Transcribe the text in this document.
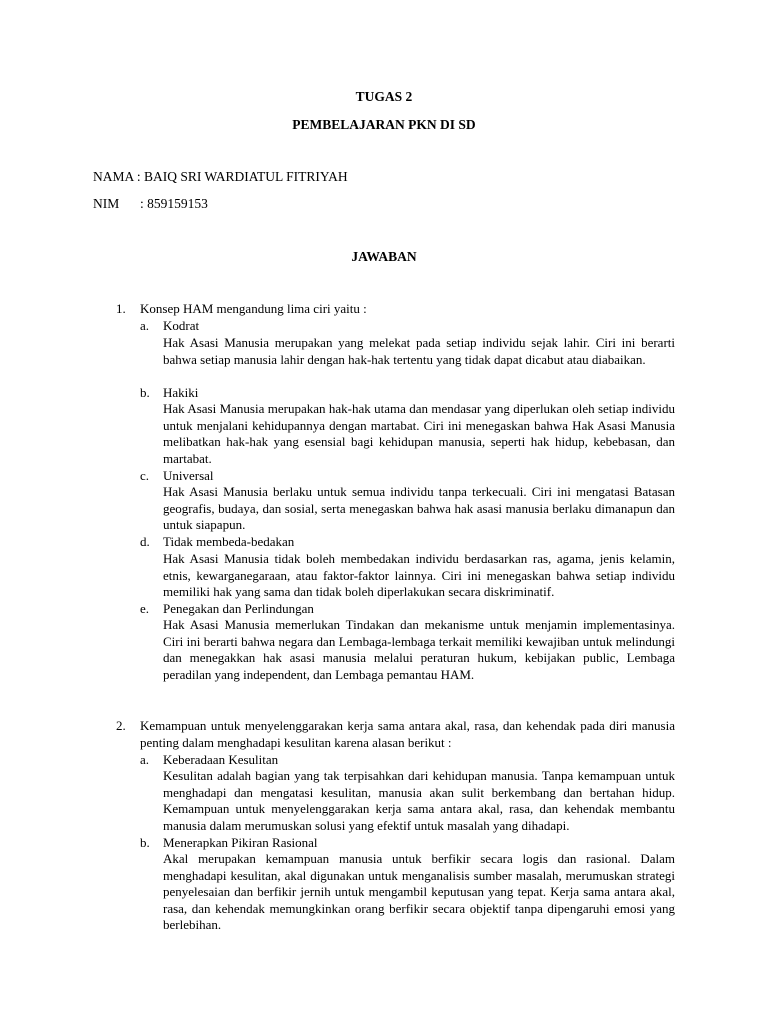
TUGAS 2
PEMBELAJARAN PKN DI SD
NAMA : BAIQ SRI WARDIATUL FITRIYAH
NIM : 859159153
JAWABAN
1. Konsep HAM mengandung lima ciri yaitu :
a. Kodrat
Hak Asasi Manusia merupakan yang melekat pada setiap individu sejak lahir. Ciri ini berarti bahwa setiap manusia lahir dengan hak-hak tertentu yang tidak dapat dicabut atau diabaikan.
b. Hakiki
Hak Asasi Manusia merupakan hak-hak utama dan mendasar yang diperlukan oleh setiap individu untuk menjalani kehidupannya dengan martabat. Ciri ini menegaskan bahwa Hak Asasi Manusia melibatkan hak-hak yang esensial bagi kehidupan manusia, seperti hak hidup, kebebasan, dan martabat.
c. Universal
Hak Asasi Manusia berlaku untuk semua individu tanpa terkecuali. Ciri ini mengatasi Batasan geografis, budaya, dan sosial, serta menegaskan bahwa hak asasi manusia berlaku dimanapun dan untuk siapapun.
d. Tidak membeda-bedakan
Hak Asasi Manusia tidak boleh membedakan individu berdasarkan ras, agama, jenis kelamin, etnis, kewarganegaraan, atau faktor-faktor lainnya. Ciri ini menegaskan bahwa setiap individu memiliki hak yang sama dan tidak boleh diperlakukan secara diskriminatif.
e. Penegakan dan Perlindungan
Hak Asasi Manusia memerlukan Tindakan dan mekanisme untuk menjamin implementasinya. Ciri ini berarti bahwa negara dan Lembaga-lembaga terkait memiliki kewajiban untuk melindungi dan menegakkan hak asasi manusia melalui peraturan hukum, kebijakan public, Lembaga peradilan yang independent, dan Lembaga pemantau HAM.
2. Kemampuan untuk menyelenggarakan kerja sama antara akal, rasa, dan kehendak pada diri manusia penting dalam menghadapi kesulitan karena alasan berikut :
a. Keberadaan Kesulitan
Kesulitan adalah bagian yang tak terpisahkan dari kehidupan manusia. Tanpa kemampuan untuk menghadapi dan mengatasi kesulitan, manusia akan sulit berkembang dan bertahan hidup. Kemampuan untuk menyelenggarakan kerja sama antara akal, rasa, dan kehendak membantu manusia dalam merumuskan solusi yang efektif untuk masalah yang dihadapi.
b. Menerapkan Pikiran Rasional
Akal merupakan kemampuan manusia untuk berfikir secara logis dan rasional. Dalam menghadapi kesulitan, akal digunakan untuk menganalisis sumber masalah, merumuskan strategi penyelesaian dan berfikir jernih untuk mengambil keputusan yang tepat. Kerja sama antara akal, rasa, dan kehendak memungkinkan orang berfikir secara objektif tanpa dipengaruhi emosi yang berlebihan.
